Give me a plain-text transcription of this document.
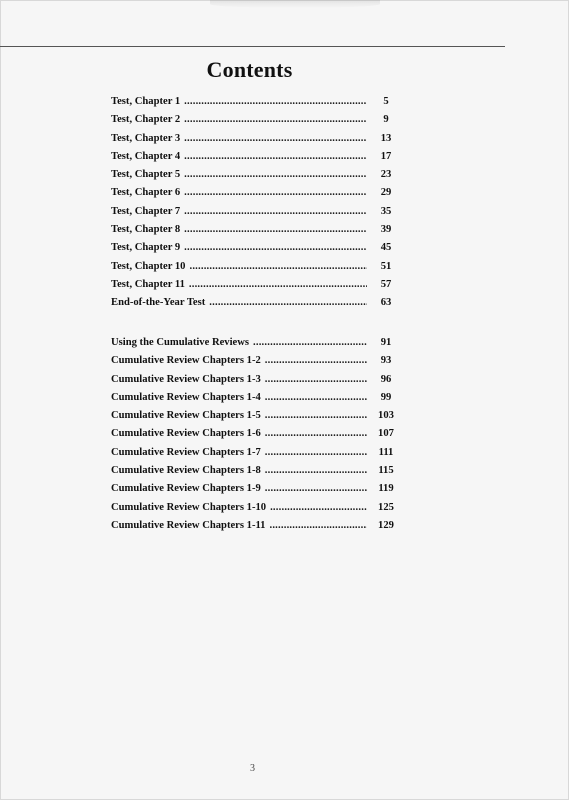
Contents
Test, Chapter 1 .....	5
Test, Chapter 2 .....	9
Test, Chapter 3 .....	13
Test, Chapter 4 .....	17
Test, Chapter 5 .....	23
Test, Chapter 6 .....	29
Test, Chapter 7 .....	35
Test, Chapter 8 .....	39
Test, Chapter 9 .....	45
Test, Chapter 10 .....	51
Test, Chapter 11 .....	57
End-of-the-Year Test .....	63
Using the Cumulative Reviews .....	91
Cumulative Review Chapters 1-2 .....	93
Cumulative Review Chapters 1-3 .....	96
Cumulative Review Chapters 1-4 .....	99
Cumulative Review Chapters 1-5 .....	103
Cumulative Review Chapters 1-6 .....	107
Cumulative Review Chapters 1-7 .....	111
Cumulative Review Chapters 1-8 .....	115
Cumulative Review Chapters 1-9 .....	119
Cumulative Review Chapters 1-10 .....	125
Cumulative Review Chapters 1-11 .....	129
3
